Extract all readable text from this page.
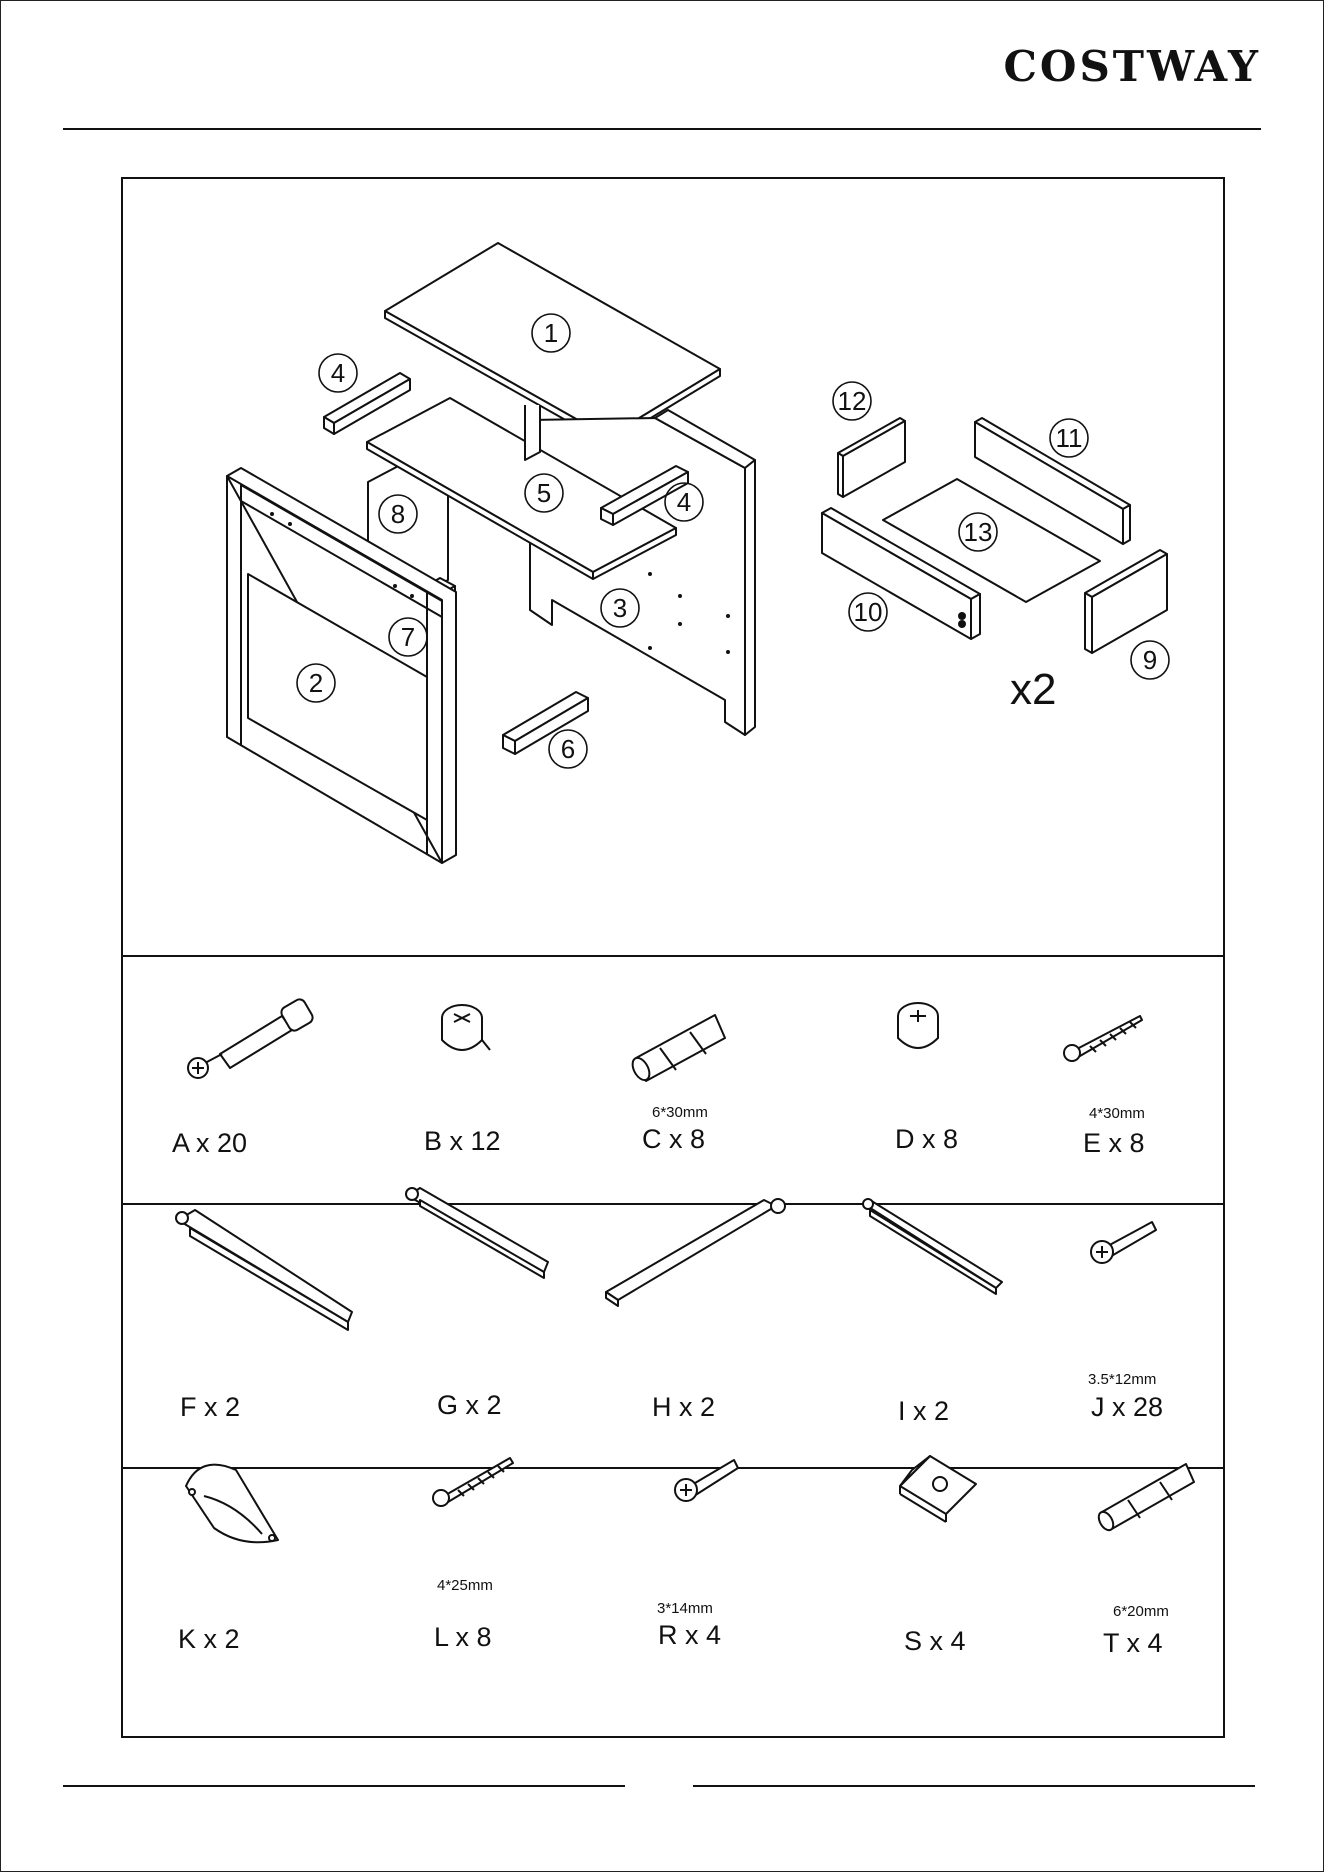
COSTWAY
1
2
3
4
4
5
6
7
8
9
10
11
12
13
x2
A x 20	B x 12
6*30mm
C x 8	D x 8
4*30mm
E x 8
F x 2	G x 2	H x 2	I x 2
3.5*12mm
J x 28
K x 2
4*25mm
L x 8
3*14mm
R x 4	S x 4
6*20mm
T x 4
